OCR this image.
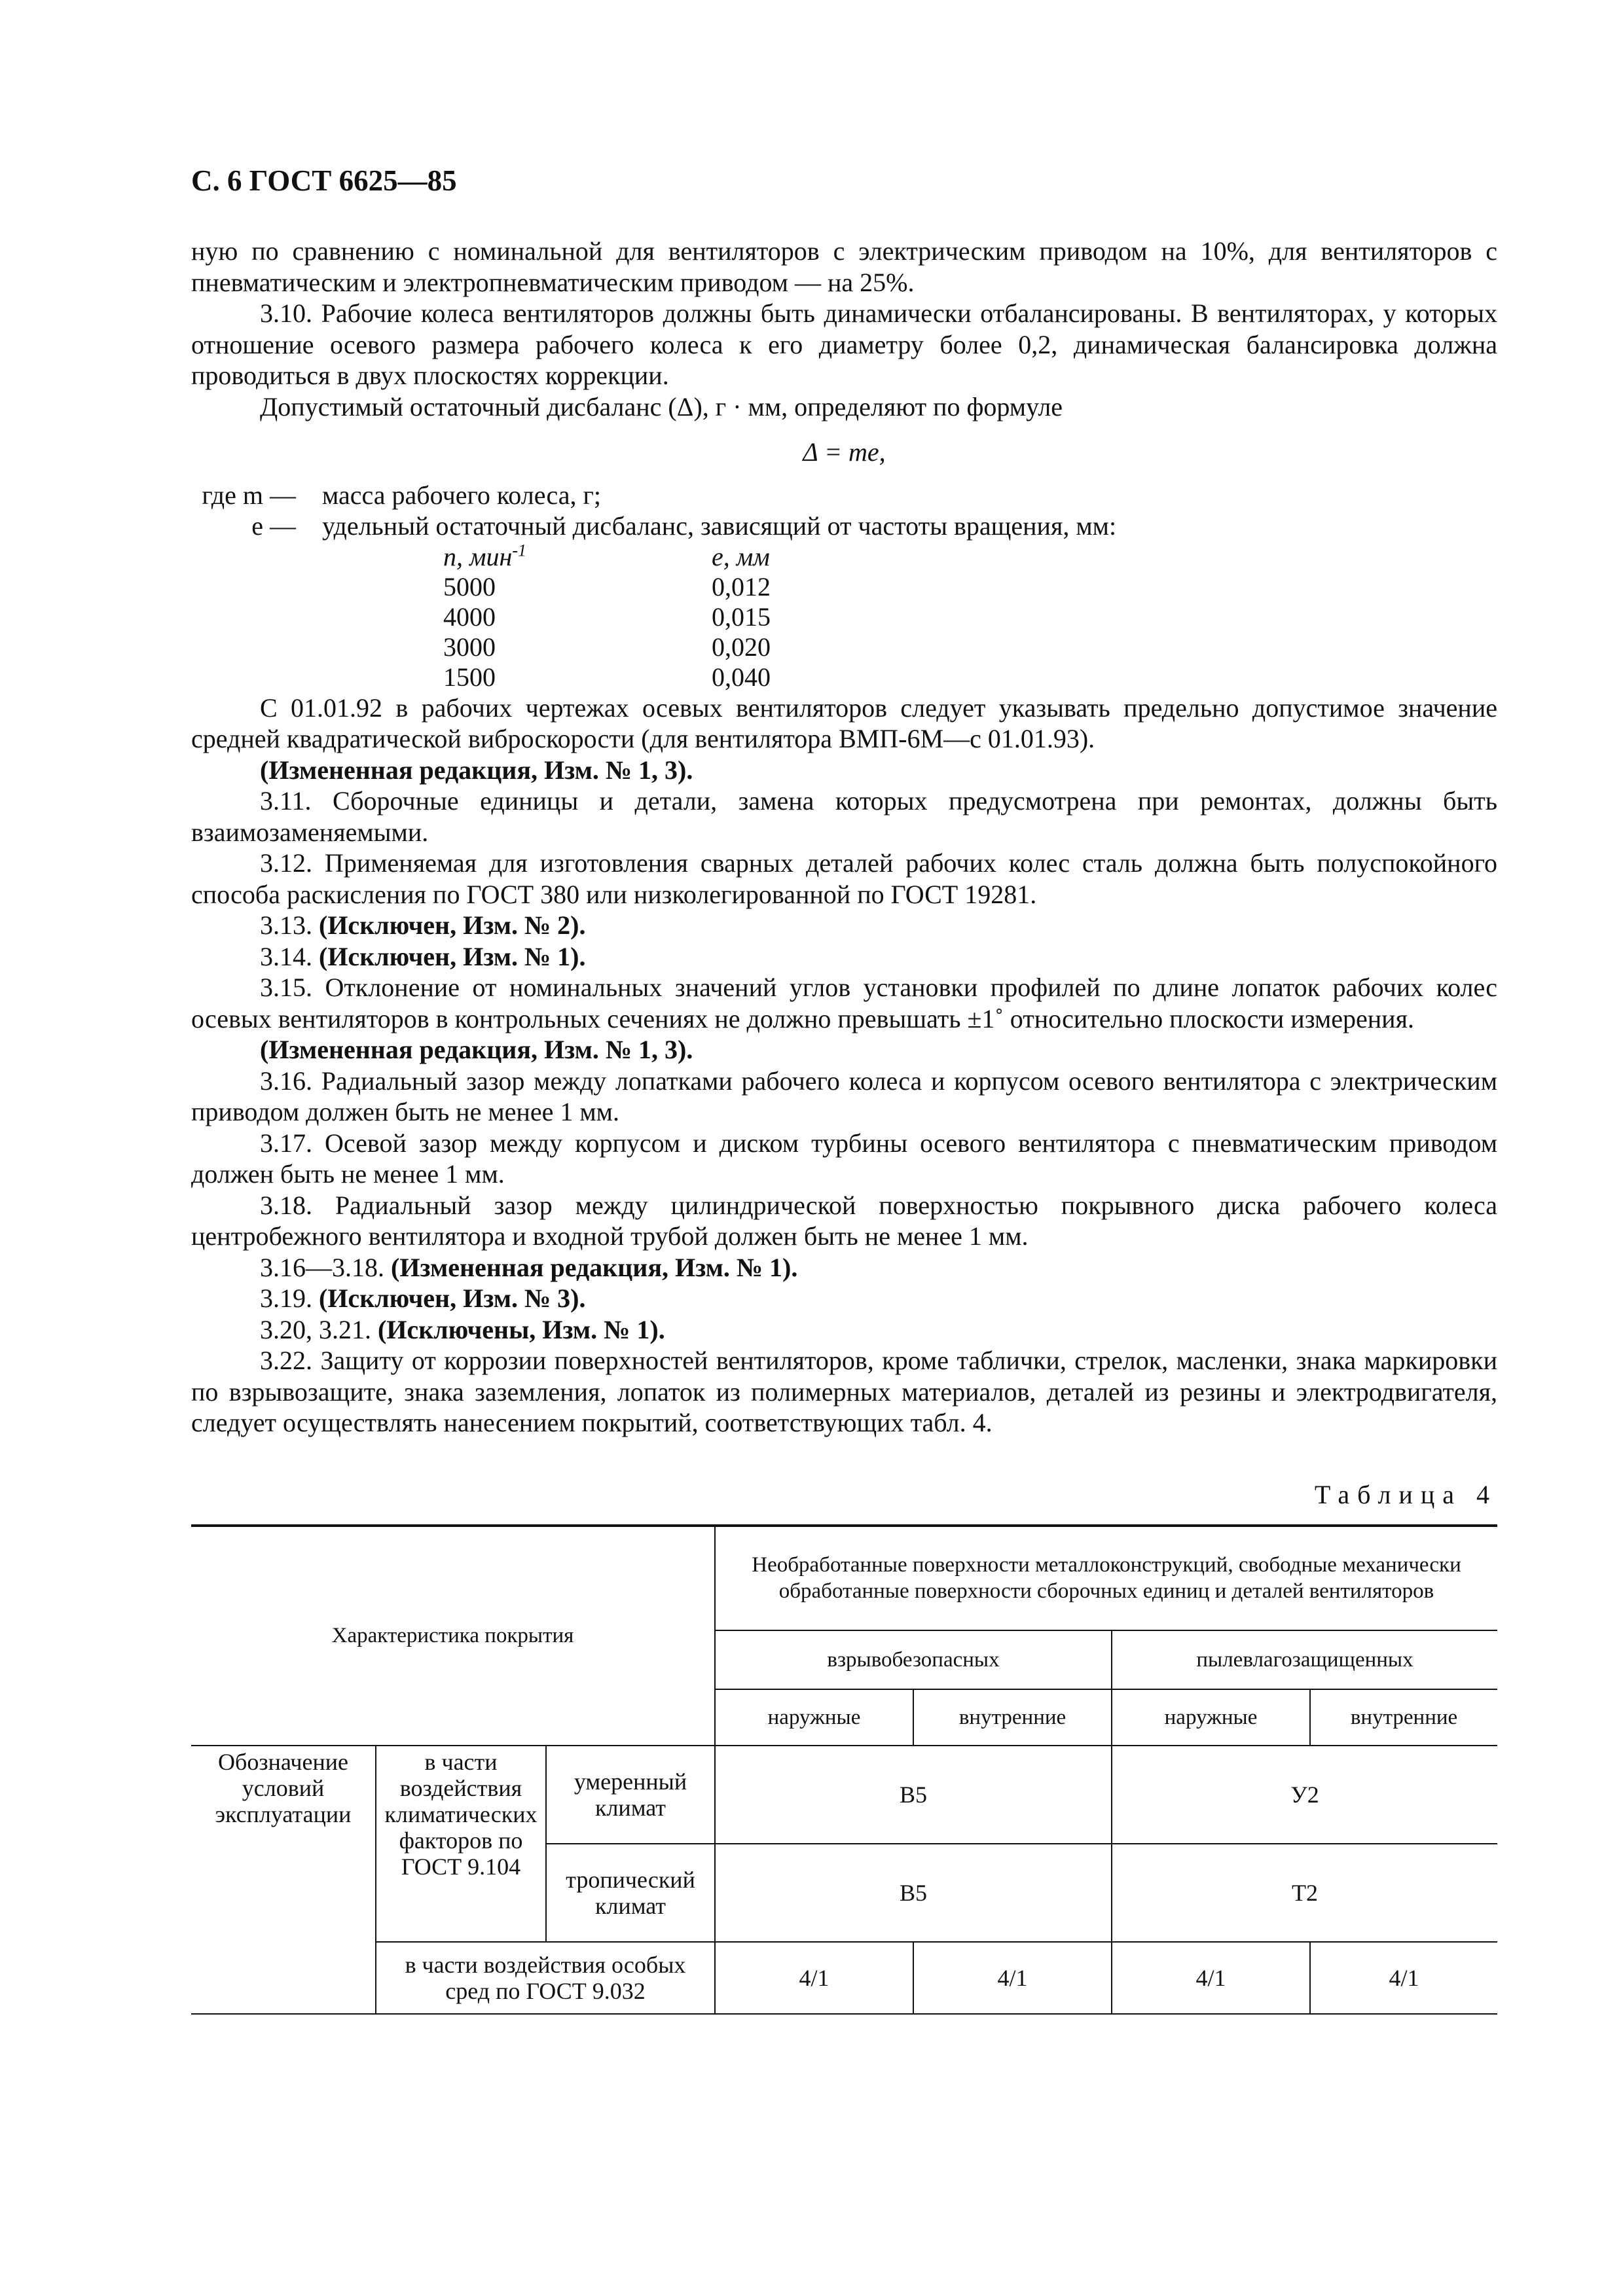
С. 6 ГОСТ 6625—85

ную по сравнению с номинальной для вентиляторов с электрическим приводом на 10%, для вентиляторов с пневматическим и электропневматическим приводом — на 25%.

3.10. Рабочие колеса вентиляторов должны быть динамически отбалансированы. В вентиляторах, у которых отношение осевого размера рабочего колеса к его диаметру более 0,2, динамическая балансировка должна проводиться в двух плоскостях коррекции.

Допустимый остаточный дисбаланс (Δ), г · мм, определяют по формуле

Δ = me,
где m —	масса рабочего колеса, г;
e —	удельный остаточный дисбаланс, зависящий от частоты вращения, мм:
n, мин$^{-1}$	e, мм
5000	0,012
4000	0,015
3000	0,020
1500	0,040

С 01.01.92 в рабочих чертежах осевых вентиляторов следует указывать предельно допустимое значение средней квадратической виброскорости (для вентилятора ВМП-6М—с 01.01.93).

(Измененная редакция, Изм. № 1, 3).

3.11. Сборочные единицы и детали, замена которых предусмотрена при ремонтах, должны быть взаимозаменяемыми.

3.12. Применяемая для изготовления сварных деталей рабочих колес сталь должна быть полуспокойного способа раскисления по ГОСТ 380 или низколегированной по ГОСТ 19281.

3.13. (Исключен, Изм. № 2).

3.14. (Исключен, Изм. № 1).

3.15. Отклонение от номинальных значений углов установки профилей по длине лопаток рабочих колес осевых вентиляторов в контрольных сечениях не должно превышать ±1˚ относительно плоскости измерения.

(Измененная редакция, Изм. № 1, 3).

3.16. Радиальный зазор между лопатками рабочего колеса и корпусом осевого вентилятора с электрическим приводом должен быть не менее 1 мм.

3.17. Осевой зазор между корпусом и диском турбины осевого вентилятора с пневматическим приводом должен быть не менее 1 мм.

3.18. Радиальный зазор между цилиндрической поверхностью покрывного диска рабочего колеса центробежного вентилятора и входной трубой должен быть не менее 1 мм.

3.16—3.18. (Измененная редакция, Изм. № 1).

3.19. (Исключен, Изм. № 3).

3.20, 3.21. (Исключены, Изм. № 1).

3.22. Защиту от коррозии поверхностей вентиляторов, кроме таблички, стрелок, масленки, знака маркировки по взрывозащите, знака заземления, лопаток из полимерных материалов, деталей из резины и электродвигателя, следует осуществлять нанесением покрытий, соответствующих табл. 4.

Таблица 4
Характеристика покрытия			Необработанные поверхности металлоконструкций, свободные механически обработанные поверхности сборочных единиц и деталей вентиляторов			
			взрывобезопасных		пылевлагозащищенных	
			наружные	внутренние	наружные	внутренние
Обозначение условий эксплуатации	в части воздействия климатических факторов по ГОСТ 9.104	умеренный климат	В5		У2	
		тропический климат	В5		Т2	
	в части воздействия особых сред по ГОСТ 9.032		4/1	4/1	4/1	4/1
